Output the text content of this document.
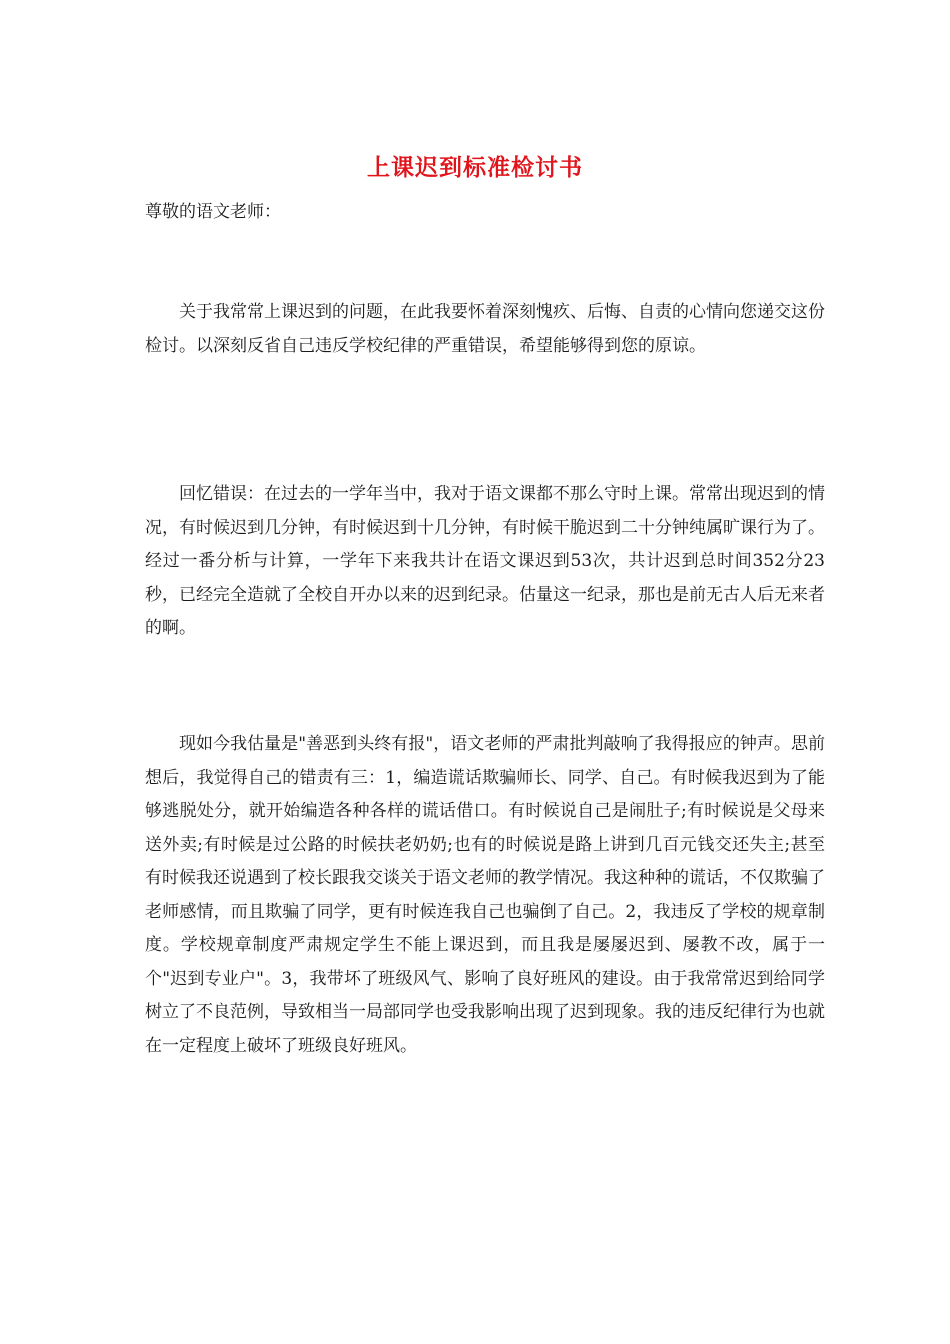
上课迟到标准检讨书
尊敬的语文老师：

关于我常常上课迟到的问题，在此我要怀着深刻愧疚、后悔、自责的心情向您递交这份检讨。以深刻反省自己违反学校纪律的严重错误，希望能够得到您的原谅。

回忆错误：在过去的一学年当中，我对于语文课都不那么守时上课。常常出现迟到的情况，有时候迟到几分钟，有时候迟到十几分钟，有时候干脆迟到二十分钟纯属旷课行为了。经过一番分析与计算，一学年下来我共计在语文课迟到53次，共计迟到总时间352分23秒，已经完全造就了全校自开办以来的迟到纪录。估量这一纪录，那也是前无古人后无来者的啊。

现如今我估量是"善恶到头终有报"，语文老师的严肃批判敲响了我得报应的钟声。思前想后，我觉得自己的错责有三：1，编造谎话欺骗师长、同学、自己。有时候我迟到为了能够逃脱处分，就开始编造各种各样的谎话借口。有时候说自己是闹肚子;有时候说是父母来送外卖;有时候是过公路的时候扶老奶奶;也有的时候说是路上讲到几百元钱交还失主;甚至有时候我还说遇到了校长跟我交谈关于语文老师的教学情况。我这种种的谎话，不仅欺骗了老师感情，而且欺骗了同学，更有时候连我自己也骗倒了自己。2，我违反了学校的规章制度。学校规章制度严肃规定学生不能上课迟到，而且我是屡屡迟到、屡教不改，属于一个"迟到专业户"。3，我带坏了班级风气、影响了良好班风的建设。由于我常常迟到给同学树立了不良范例，导致相当一局部同学也受我影响出现了迟到现象。我的违反纪律行为也就在一定程度上破坏了班级良好班风。
